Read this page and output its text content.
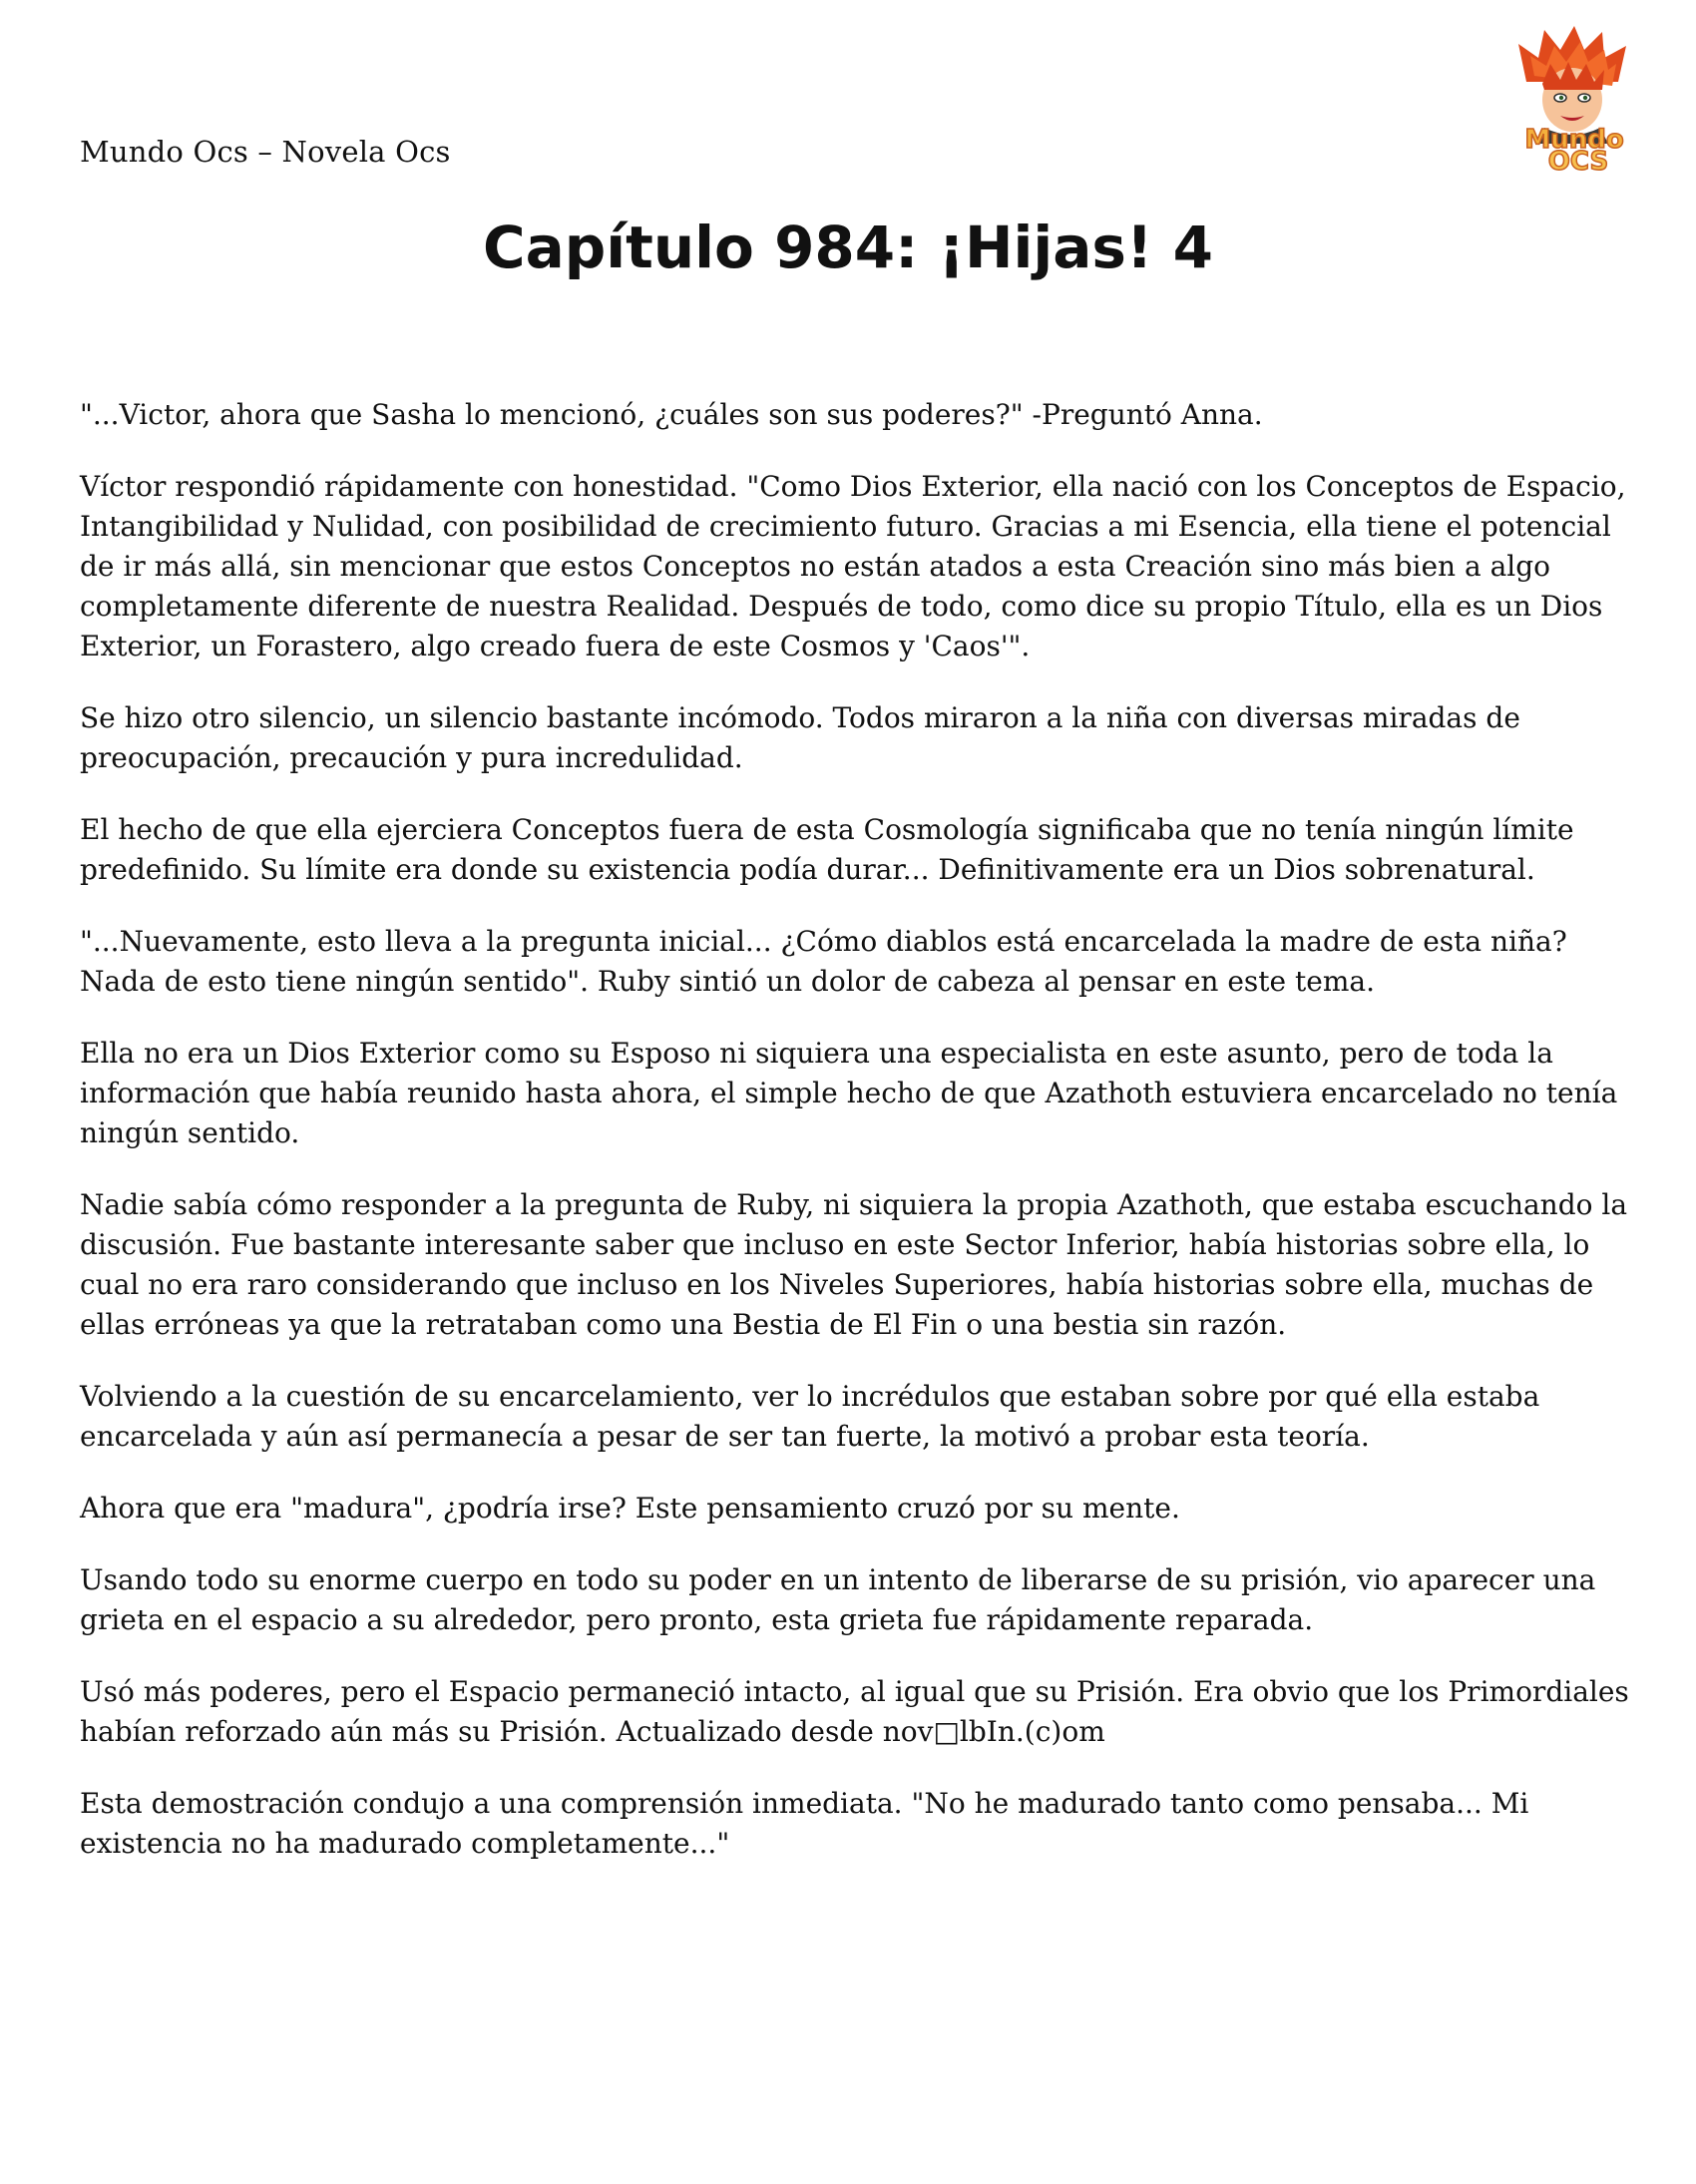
Mundo Ocs – Novela Ocs	Mundo
OCS
Capítulo 984: ¡Hijas! 4

"...Victor, ahora que Sasha lo mencionó, ¿cuáles son sus poderes?" -Preguntó Anna.

Víctor respondió rápidamente con honestidad. "Como Dios Exterior, ella nació con los Conceptos de Espacio, Intangibilidad y Nulidad, con posibilidad de crecimiento futuro. Gracias a mi Esencia, ella tiene el potencial de ir más allá, sin mencionar que estos Conceptos no están atados a esta Creación sino más bien a algo completamente diferente de nuestra Realidad. Después de todo, como dice su propio Título, ella es un Dios Exterior, un Forastero, algo creado fuera de este Cosmos y 'Caos'".

Se hizo otro silencio, un silencio bastante incómodo. Todos miraron a la niña con diversas miradas de preocupación, precaución y pura incredulidad.

El hecho de que ella ejerciera Conceptos fuera de esta Cosmología significaba que no tenía ningún límite predefinido. Su límite era donde su existencia podía durar... Definitivamente era un Dios sobrenatural.

"...Nuevamente, esto lleva a la pregunta inicial... ¿Cómo diablos está encarcelada la madre de esta niña? Nada de esto tiene ningún sentido". Ruby sintió un dolor de cabeza al pensar en este tema.

Ella no era un Dios Exterior como su Esposo ni siquiera una especialista en este asunto, pero de toda la información que había reunido hasta ahora, el simple hecho de que Azathoth estuviera encarcelado no tenía ningún sentido.

Nadie sabía cómo responder a la pregunta de Ruby, ni siquiera la propia Azathoth, que estaba escuchando la discusión. Fue bastante interesante saber que incluso en este Sector Inferior, había historias sobre ella, lo cual no era raro considerando que incluso en los Niveles Superiores, había historias sobre ella, muchas de ellas erróneas ya que la retrataban como una Bestia de El Fin o una bestia sin razón.

Volviendo a la cuestión de su encarcelamiento, ver lo incrédulos que estaban sobre por qué ella estaba encarcelada y aún así permanecía a pesar de ser tan fuerte, la motivó a probar esta teoría.

Ahora que era "madura", ¿podría irse? Este pensamiento cruzó por su mente.

Usando todo su enorme cuerpo en todo su poder en un intento de liberarse de su prisión, vio aparecer una grieta en el espacio a su alrededor, pero pronto, esta grieta fue rápidamente reparada.

Usó más poderes, pero el Espacio permaneció intacto, al igual que su Prisión. Era obvio que los Primordiales habían reforzado aún más su Prisión. Actualizado desde nov□lbIn.(c)om

Esta demostración condujo a una comprensión inmediata. "No he madurado tanto como pensaba... Mi existencia no ha madurado completamente..."
